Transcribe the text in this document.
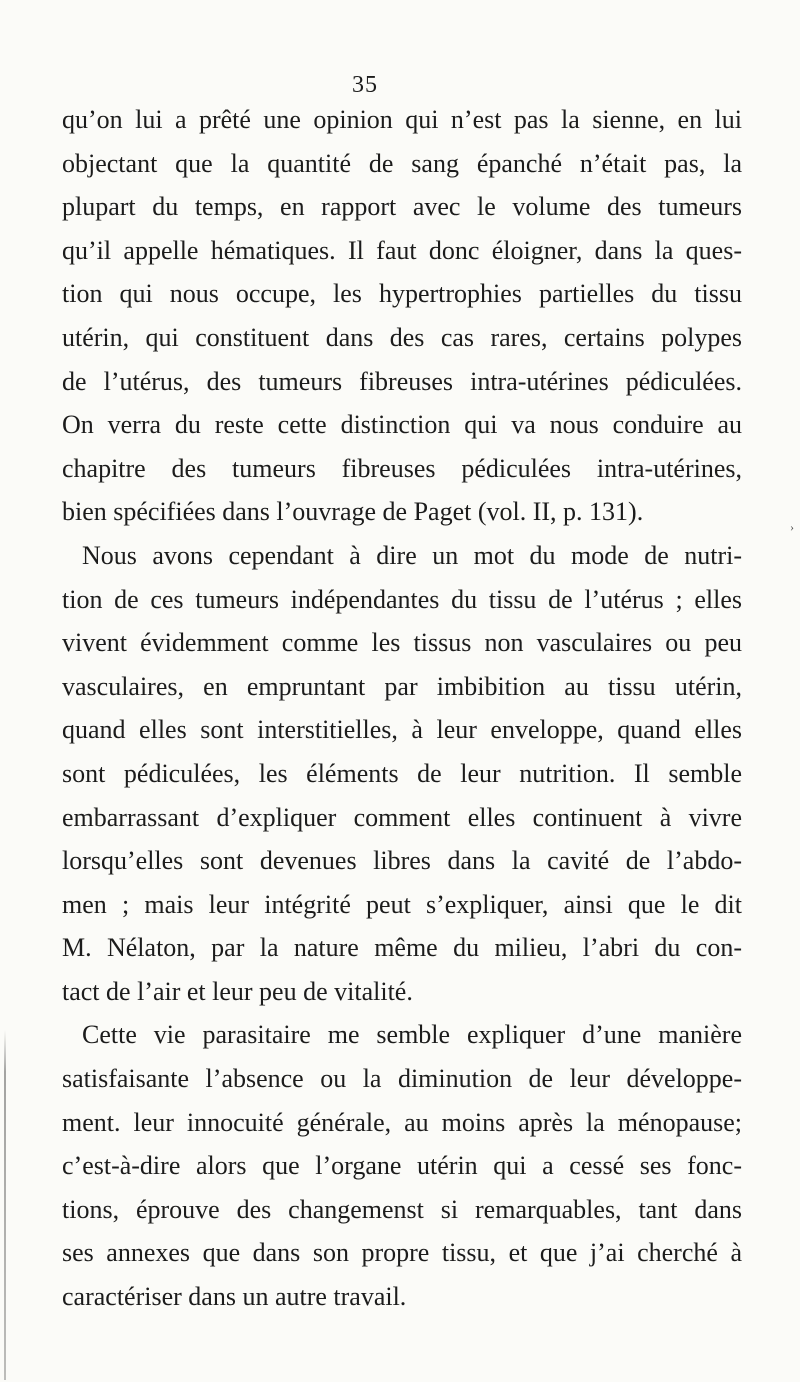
35
qu’on lui a prêté une opinion qui n’est pas la sienne, en lui
objectant que la quantité de sang épanché n’était pas, la
plupart du temps, en rapport avec le volume des tumeurs
qu’il appelle hématiques. Il faut donc éloigner, dans la ques-
tion qui nous occupe, les hypertrophies partielles du tissu
utérin, qui constituent dans des cas rares, certains polypes
de l’utérus, des tumeurs fibreuses intra-utérines pédiculées.
On verra du reste cette distinction qui va nous conduire au
chapitre des tumeurs fibreuses pédiculées intra-utérines,
bien spécifiées dans l’ouvrage de Paget (vol. II, p. 131).
Nous avons cependant à dire un mot du mode de nutri-
tion de ces tumeurs indépendantes du tissu de l’utérus ; elles
vivent évidemment comme les tissus non vasculaires ou peu
vasculaires, en empruntant par imbibition au tissu utérin,
quand elles sont interstitielles, à leur enveloppe, quand elles
sont pédiculées, les éléments de leur nutrition. Il semble
embarrassant d’expliquer comment elles continuent à vivre
lorsqu’elles sont devenues libres dans la cavité de l’abdo-
men ; mais leur intégrité peut s’expliquer, ainsi que le dit
M. Nélaton, par la nature même du milieu, l’abri du con-
tact de l’air et leur peu de vitalité.
Cette vie parasitaire me semble expliquer d’une manière
satisfaisante l’absence ou la diminution de leur développe-
ment. leur innocuité générale, au moins après la ménopause;
c’est-à-dire alors que l’organe utérin qui a cessé ses fonc-
tions, éprouve des changemenst si remarquables, tant dans
ses annexes que dans son propre tissu, et que j’ai cherché à
caractériser dans un autre travail.
›
